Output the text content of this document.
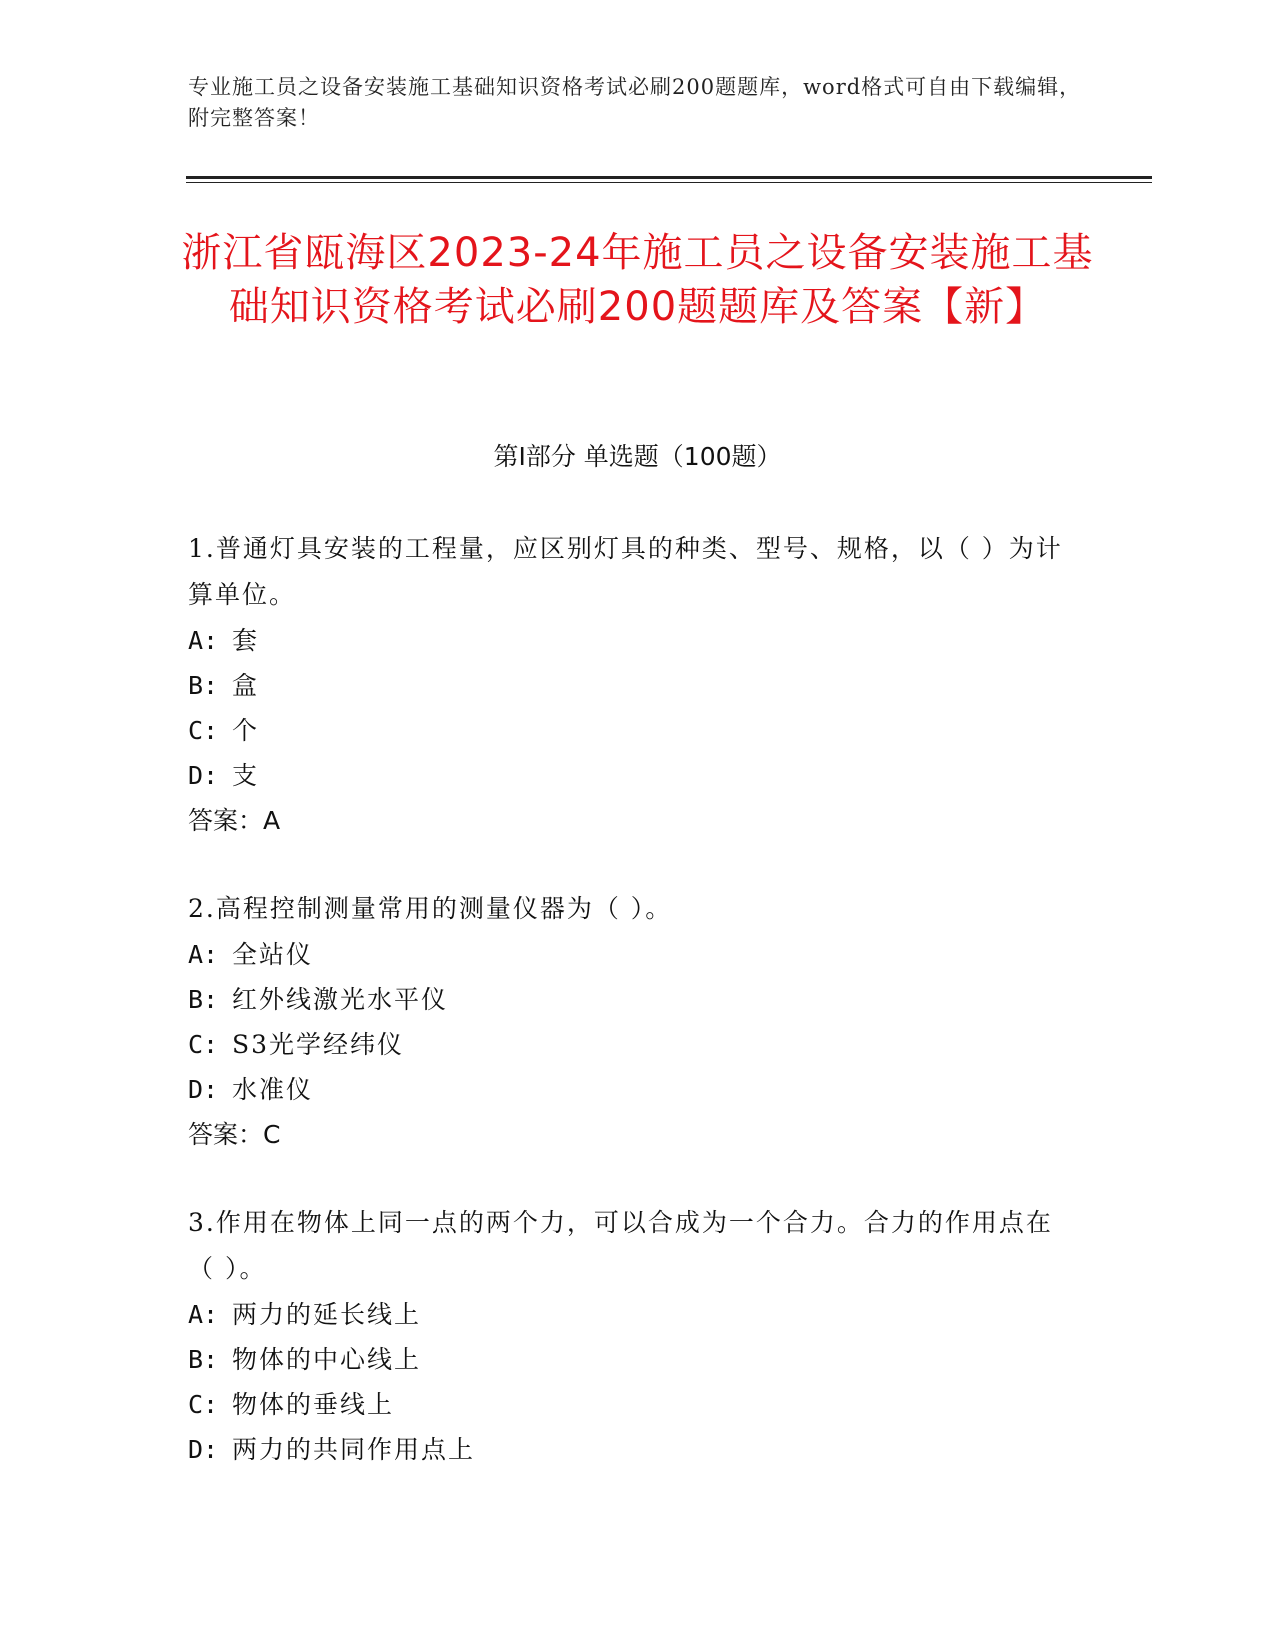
专业施工员之设备安装施工基础知识资格考试必刷200题题库，word格式可自由下载编辑，附完整答案！
浙江省瓯海区2023-24年施工员之设备安装施工基础知识资格考试必刷200题题库及答案【新】
第Ⅰ部分 单选题（100题）

1.普通灯具安装的工程量，应区别灯具的种类、型号、规格，以（ ）为计算单位。

A: 套

B: 盒

C: 个

D: 支

答案：A

2.高程控制测量常用的测量仪器为（ ）。

A: 全站仪

B: 红外线激光水平仪

C: S3光学经纬仪

D: 水准仪

答案：C

3.作用在物体上同一点的两个力，可以合成为一个合力。合力的作用点在（ ）。

A: 两力的延长线上

B: 物体的中心线上

C: 物体的垂线上

D: 两力的共同作用点上
